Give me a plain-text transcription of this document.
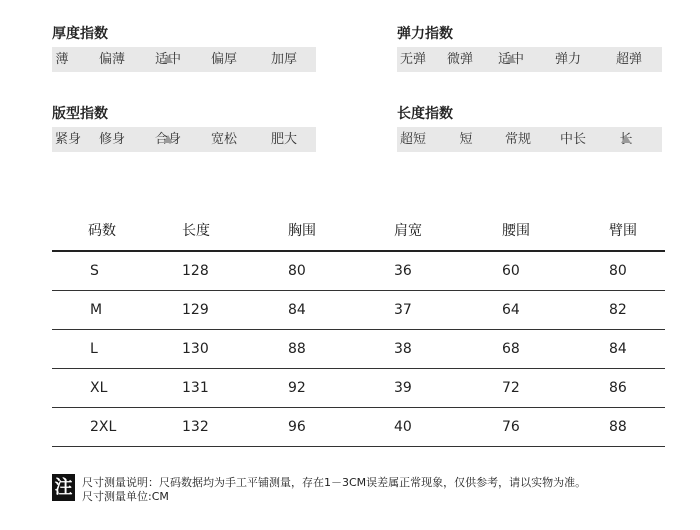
厚度指数
薄 偏薄 适中 偏厚	加厚
弹力指数
无弹 微弹 适中 弹力	超弹
版型指数
紧身 修身 合身 宽松	肥大
长度指数
超短	短 常规 中长	长
码数	长度	胸围	肩宽	腰围	臂围
S	128	80	36	60	80
M	129	84	37	64	82
L	130	88	38	68	84
XL	131	92	39	72	86
2XL	132	96	40	76	88
注 尺寸测量说明：尺码数据均为手工平铺测量，存在1－3CM误差属正常现象，仅供参考，请以实物为准。
尺寸测量单位:CM
